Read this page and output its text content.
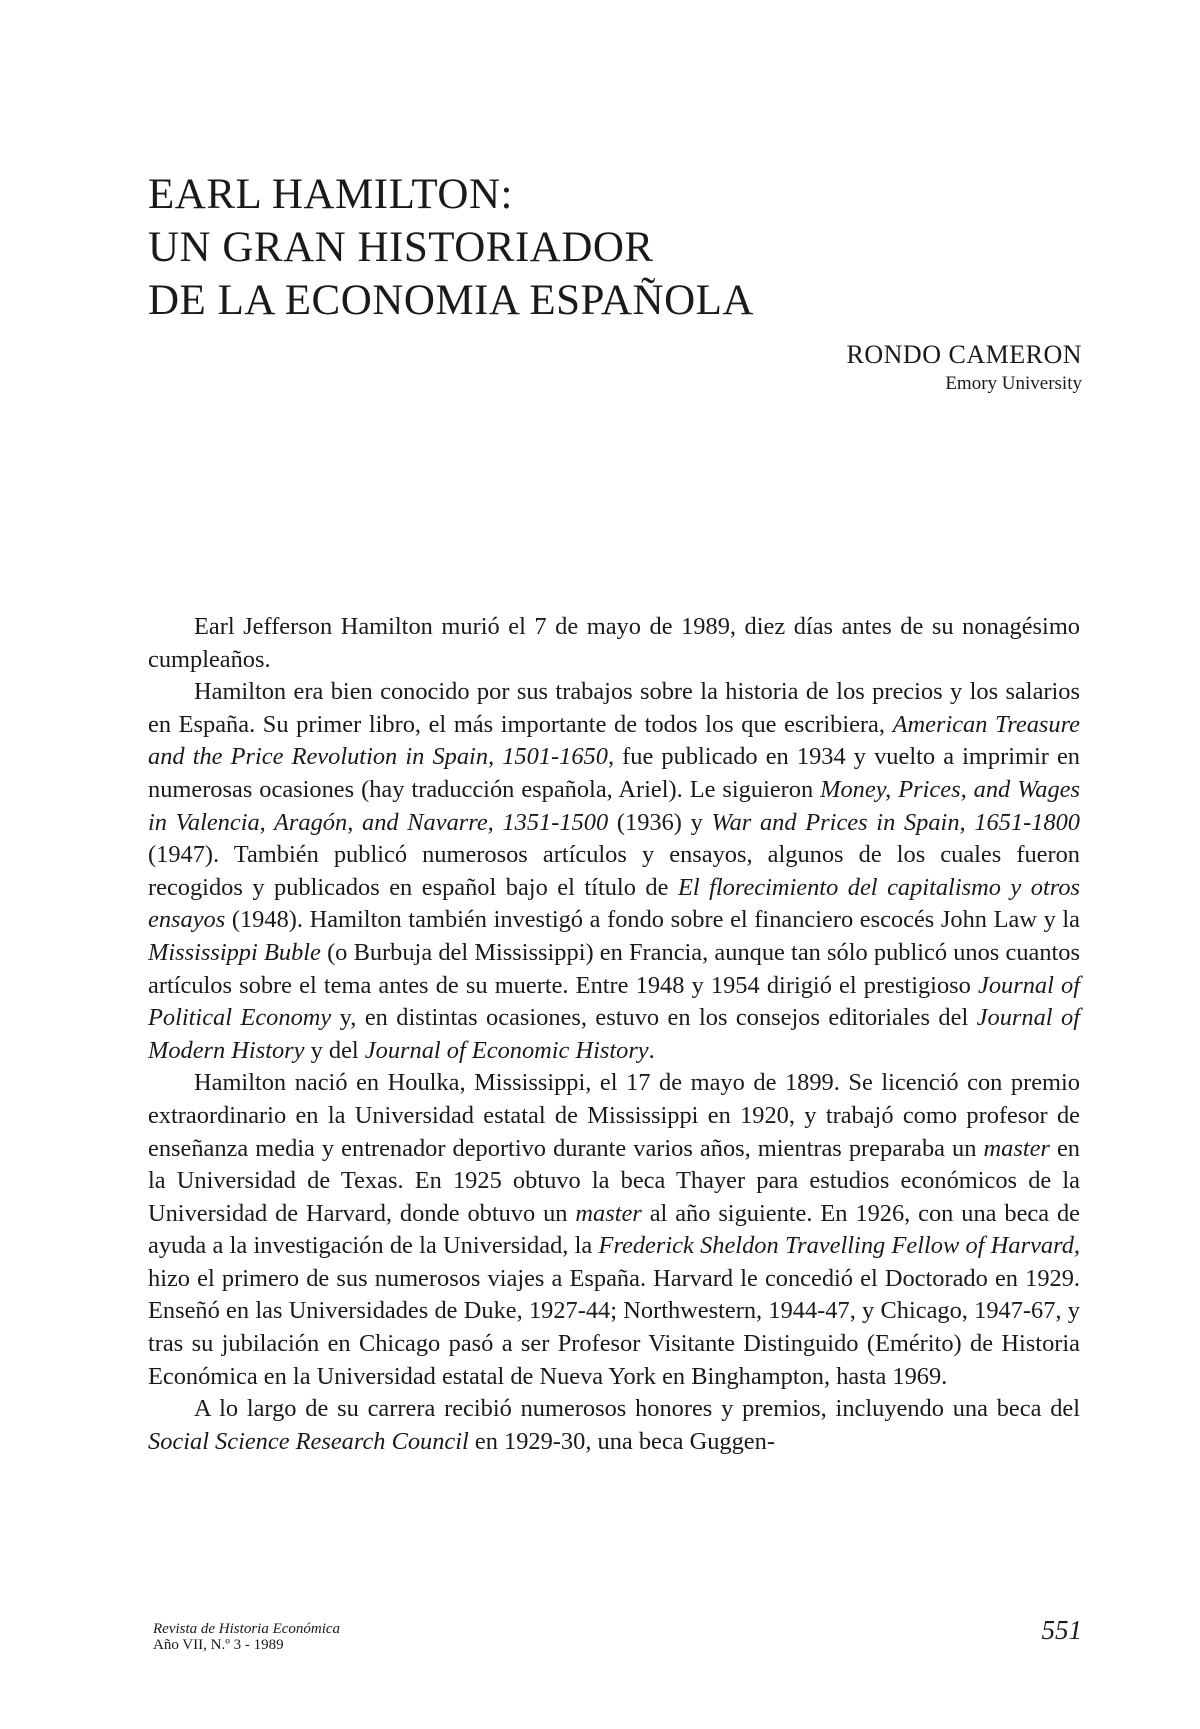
EARL HAMILTON:
UN GRAN HISTORIADOR
DE LA ECONOMIA ESPAÑOLA
RONDO CAMERON
Emory University

Earl Jefferson Hamilton murió el 7 de mayo de 1989, diez días antes de su nonagésimo cumpleaños.

Hamilton era bien conocido por sus trabajos sobre la historia de los precios y los salarios en España. Su primer libro, el más importante de todos los que escribiera, American Treasure and the Price Revolution in Spain, 1501-1650, fue publicado en 1934 y vuelto a imprimir en numerosas ocasiones (hay traducción española, Ariel). Le siguieron Money, Prices, and Wages in Valencia, Aragón, and Navarre, 1351-1500 (1936) y War and Prices in Spain, 1651-1800 (1947). También publicó numerosos artículos y ensayos, algunos de los cuales fueron recogidos y publicados en español bajo el título de El florecimiento del capitalismo y otros ensayos (1948). Hamilton también investigó a fondo sobre el financiero escocés John Law y la Mississippi Buble (o Burbuja del Mississippi) en Francia, aunque tan sólo publicó unos cuantos artículos sobre el tema antes de su muerte. Entre 1948 y 1954 dirigió el prestigioso Journal of Political Economy y, en distintas ocasiones, estuvo en los consejos editoriales del Journal of Modern History y del Journal of Economic History.

Hamilton nació en Houlka, Mississippi, el 17 de mayo de 1899. Se licenció con premio extraordinario en la Universidad estatal de Mississippi en 1920, y trabajó como profesor de enseñanza media y entrenador deportivo durante varios años, mientras preparaba un master en la Universidad de Texas. En 1925 obtuvo la beca Thayer para estudios económicos de la Universidad de Harvard, donde obtuvo un master al año siguiente. En 1926, con una beca de ayuda a la investigación de la Universidad, la Frederick Sheldon Travelling Fellow of Harvard, hizo el primero de sus numerosos viajes a España. Harvard le concedió el Doctorado en 1929. Enseñó en las Universidades de Duke, 1927-44; Northwestern, 1944-47, y Chicago, 1947-67, y tras su jubilación en Chicago pasó a ser Profesor Visitante Distinguido (Emérito) de Historia Económica en la Universidad estatal de Nueva York en Binghampton, hasta 1969.

A lo largo de su carrera recibió numerosos honores y premios, incluyendo una beca del Social Science Research Council en 1929-30, una beca Guggen-

Revista de Historia Económica
Año VII, N.º 3 - 1989	551
